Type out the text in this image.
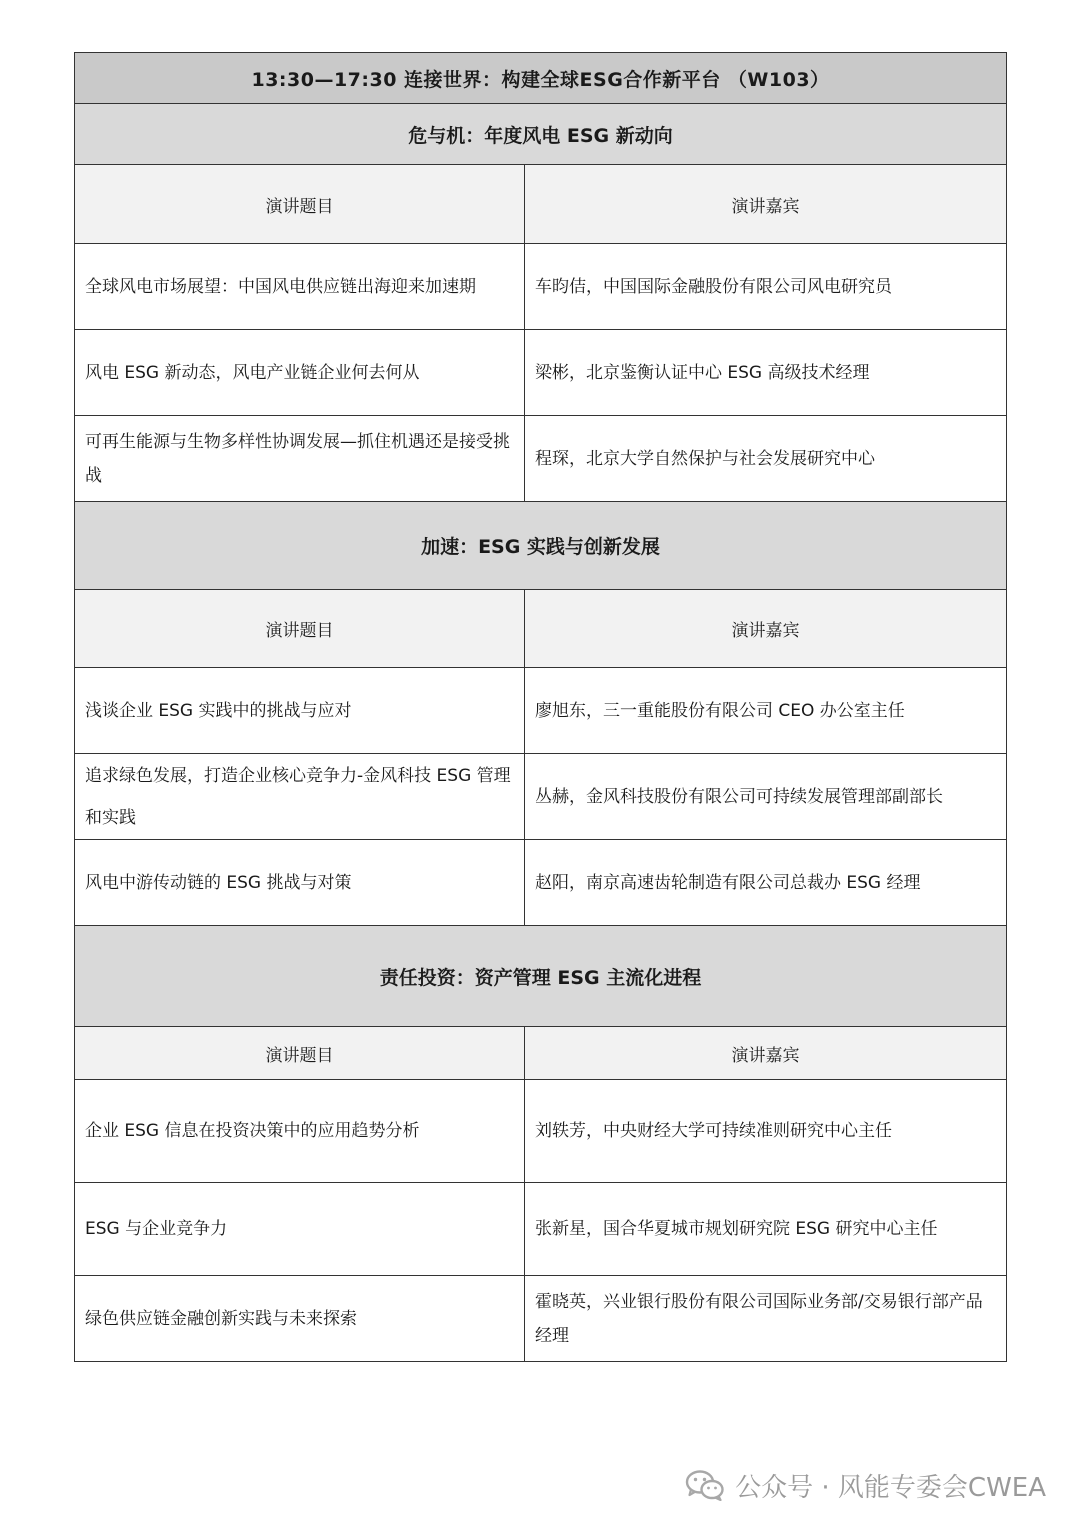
13:30—17:30 连接世界：构建全球ESG合作新平台 （W103）	
危与机：年度风电 ESG 新动向	
演讲题目	演讲嘉宾
全球风电市场展望：中国风电供应链出海迎来加速期	车昀佶，中国国际金融股份有限公司风电研究员
风电 ESG 新动态，风电产业链企业何去何从	梁彬，北京鉴衡认证中心 ESG 高级技术经理
可再生能源与生物多样性协调发展—抓住机遇还是接受挑战	程琛，北京大学自然保护与社会发展研究中心
加速：ESG 实践与创新发展	
演讲题目	演讲嘉宾
浅谈企业 ESG 实践中的挑战与应对	廖旭东，三一重能股份有限公司 CEO 办公室主任
追求绿色发展，打造企业核心竞争力-金风科技 ESG 管理和实践	丛赫，金风科技股份有限公司可持续发展管理部副部长
风电中游传动链的 ESG 挑战与对策	赵阳，南京高速齿轮制造有限公司总裁办 ESG 经理
责任投资：资产管理 ESG 主流化进程	
演讲题目	演讲嘉宾
企业 ESG 信息在投资决策中的应用趋势分析	刘轶芳，中央财经大学可持续准则研究中心主任
ESG 与企业竞争力	张新星，国合华夏城市规划研究院 ESG 研究中心主任
绿色供应链金融创新实践与未来探索	霍晓英，兴业银行股份有限公司国际业务部/交易银行部产品经理
公众号 · 风能专委会CWEA
